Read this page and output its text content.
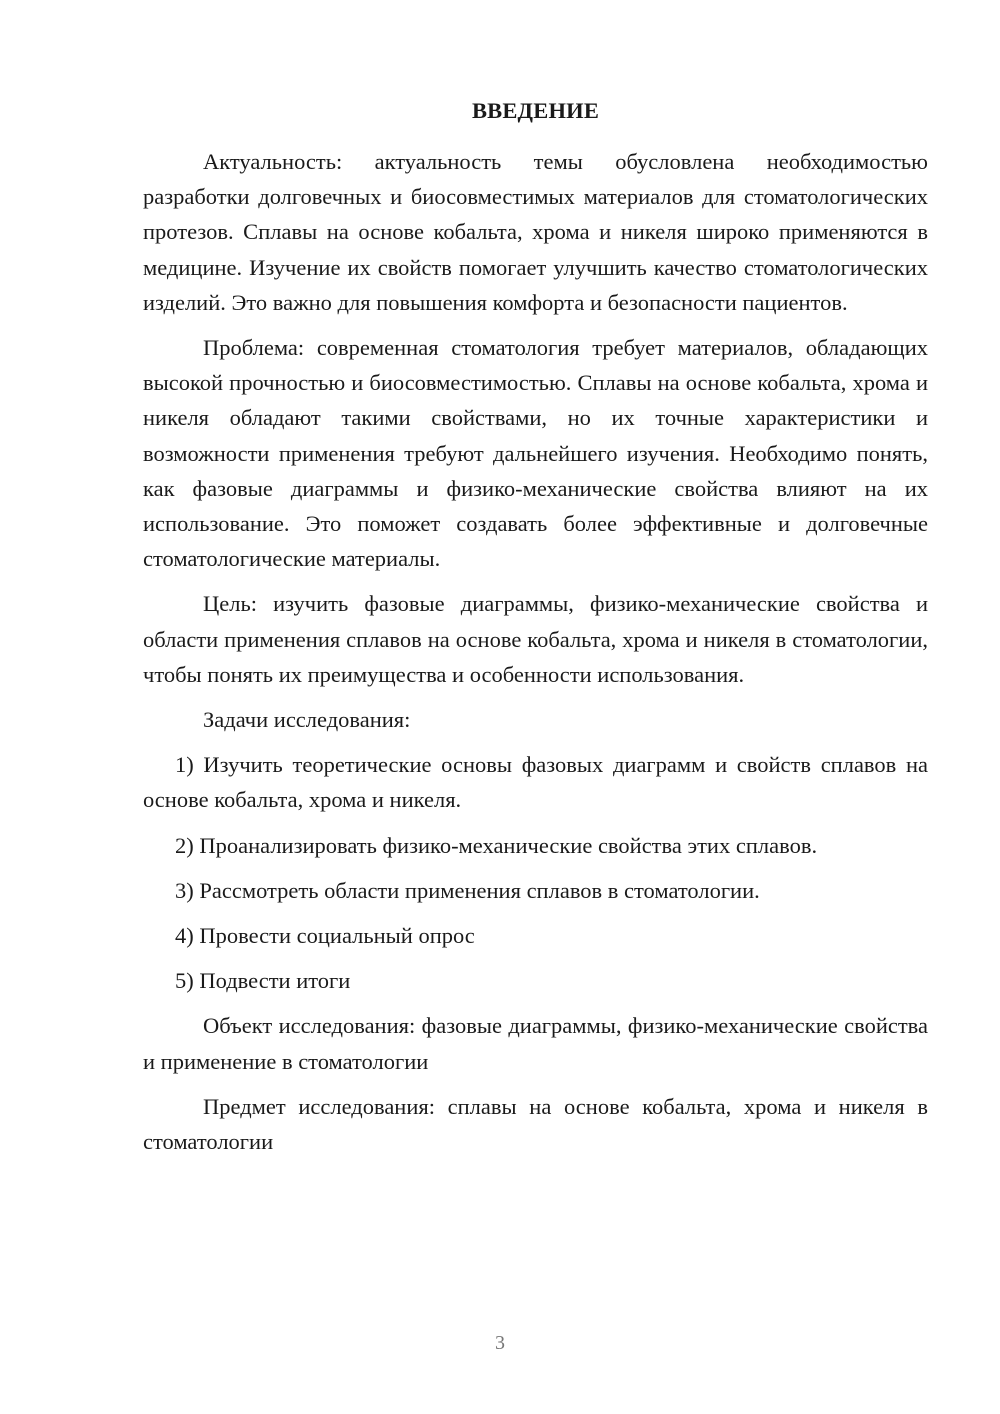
ВВЕДЕНИЕ

Актуальность: актуальность темы обусловлена необходимостью разработки долговечных и биосовместимых материалов для стоматологических протезов. Сплавы на основе кобальта, хрома и никеля широко применяются в медицине. Изучение их свойств помогает улучшить качество стоматологических изделий. Это важно для повышения комфорта и безопасности пациентов.

Проблема: современная стоматология требует материалов, обладающих высокой прочностью и биосовместимостью. Сплавы на основе кобальта, хрома и никеля обладают такими свойствами, но их точные характеристики и возможности применения требуют дальнейшего изучения. Необходимо понять, как фазовые диаграммы и физико-механические свойства влияют на их использование. Это поможет создавать более эффективные и долговечные стоматологические материалы.

Цель: изучить фазовые диаграммы, физико-механические свойства и области применения сплавов на основе кобальта, хрома и никеля в стоматологии, чтобы понять их преимущества и особенности использования.

Задачи исследования:

1) Изучить теоретические основы фазовых диаграмм и свойств сплавов на основе кобальта, хрома и никеля.

2) Проанализировать физико-механические свойства этих сплавов.

3) Рассмотреть области применения сплавов в стоматологии.

4) Провести социальный опрос

5) Подвести итоги

Объект исследования: фазовые диаграммы, физико-механические свойства и применение в стоматологии

Предмет исследования: сплавы на основе кобальта, хрома и никеля в стоматологии

3
